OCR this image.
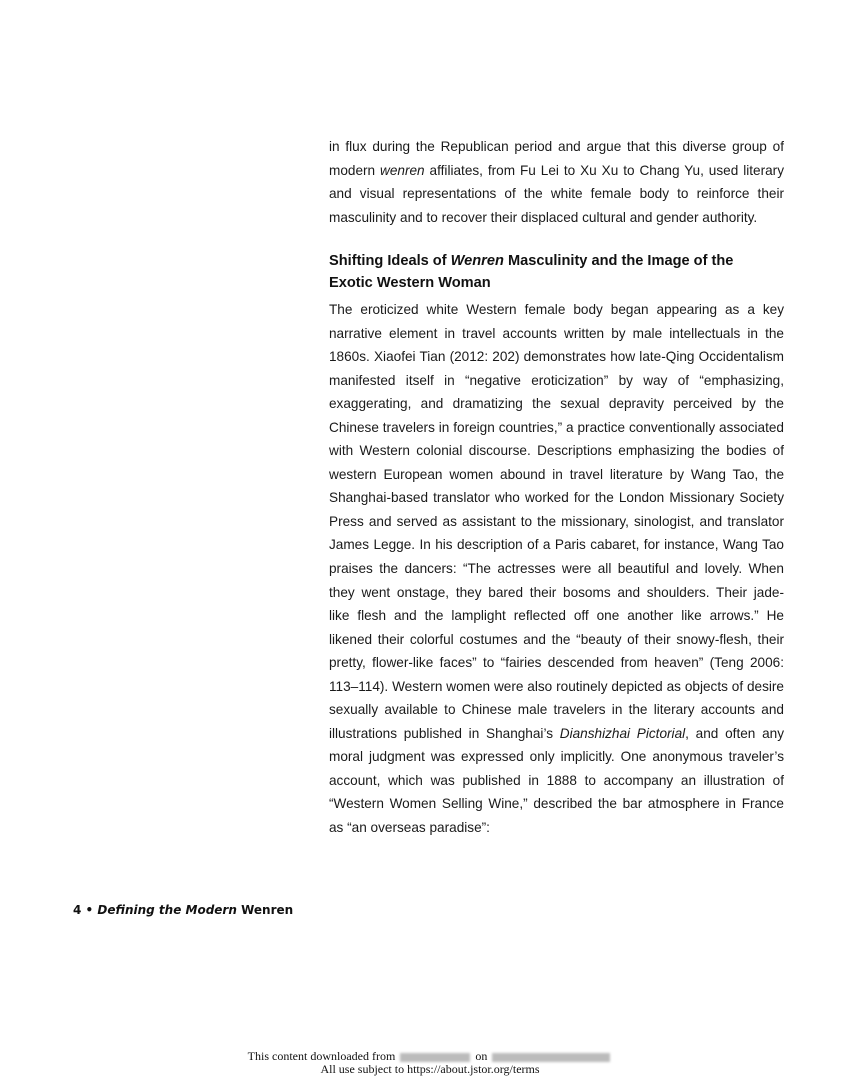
in flux during the Republican period and argue that this diverse group of
modern wenren affiliates, from Fu Lei to Xu Xu to Chang Yu, used literary
and visual representations of the white female body to reinforce their
masculinity and to recover their displaced cultural and gender authority.
Shifting Ideals of Wenren Masculinity and the Image of the
Exotic Western Woman
The eroticized white Western female body began appearing as a key
narrative element in travel accounts written by male intellectuals in the
1860s. Xiaofei Tian (2012: 202) demonstrates how late-Qing Occidentalism
manifested itself in “negative eroticization” by way of “emphasizing,
exaggerating, and dramatizing the sexual depravity perceived by the
Chinese travelers in foreign countries,” a practice conventionally associated
with Western colonial discourse. Descriptions emphasizing the bodies of
western European women abound in travel literature by Wang Tao, the
Shanghai-based translator who worked for the London Missionary Society
Press and served as assistant to the missionary, sinologist, and translator
James Legge. In his description of a Paris cabaret, for instance, Wang Tao
praises the dancers: “The actresses were all beautiful and lovely. When
they went onstage, they bared their bosoms and shoulders. Their jade-
like flesh and the lamplight reflected off one another like arrows.” He
likened their colorful costumes and the “beauty of their snowy-flesh, their
pretty, flower-like faces” to “fairies descended from heaven” (Teng 2006:
113–114). Western women were also routinely depicted as objects of desire
sexually available to Chinese male travelers in the literary accounts and
illustrations published in Shanghai’s Dianshizhai Pictorial, and often any
moral judgment was expressed only implicitly. One anonymous traveler’s
account, which was published in 1888 to accompany an illustration of
“Western Women Selling Wine,” described the bar atmosphere in France
as “an overseas paradise”:
4 • Defining the Modern Wenren
This content downloaded from	on
All use subject to https://about.jstor.org/terms
